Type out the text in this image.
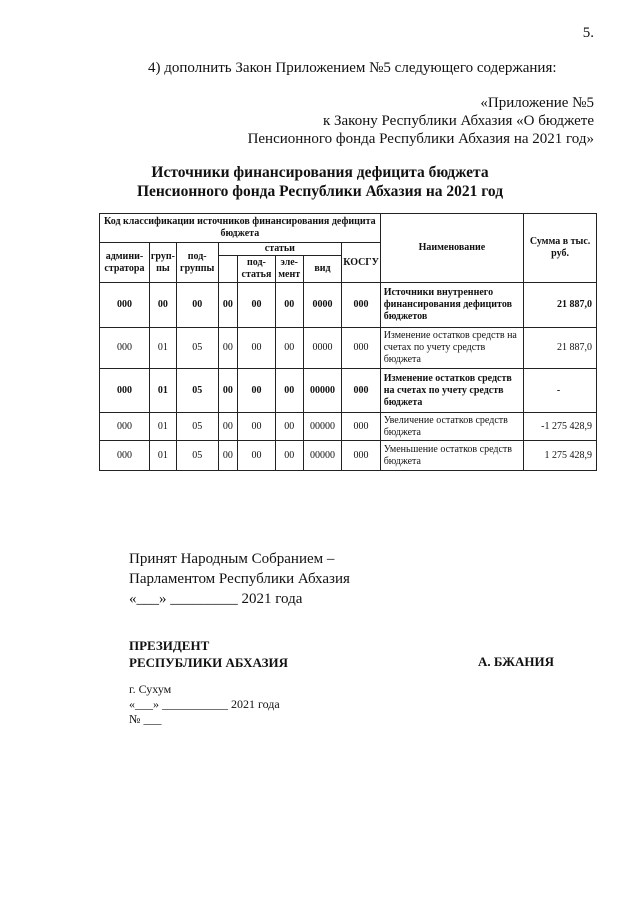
5.
4) дополнить Закон Приложением №5 следующего содержания:
«Приложение №5
к Закону Республики Абхазия «О бюджете
Пенсионного фонда Республики Абхазия на 2021 год»
Источники финансирования дефицита бюджета
Пенсионного фонда Республики Абхазия на 2021 год
Код классификации источников финансирования дефицита бюджета								Наименование	Сумма в тыс. руб.
админи-стратора	груп-пы	под-группы	статьи				КОСГУ		
				под-статья	эле-мент	вид			
000	00	00	00	00	00	0000	000	Источники внутреннего финансирования дефицитов бюджетов	21 887,0
000	01	05	00	00	00	0000	000	Изменение остатков средств на счетах по учету средств бюджета	21 887,0
000	01	05	00	00	00	00000	000	Изменение остатков средств на счетах по учету средств бюджета	-
000	01	05	00	00	00	00000	000	Увеличение остатков средств бюджета	-1 275 428,9
000	01	05	00	00	00	00000	000	Уменьшение остатков средств бюджета	1 275 428,9
Принят Народным Собранием –
Парламентом Республики Абхазия
«___» _________ 2021 года
ПРЕЗИДЕНТ
РЕСПУБЛИКИ АБХАЗИЯ	А. БЖАНИЯ
г. Сухум
«___» ___________ 2021 года
№ ___
